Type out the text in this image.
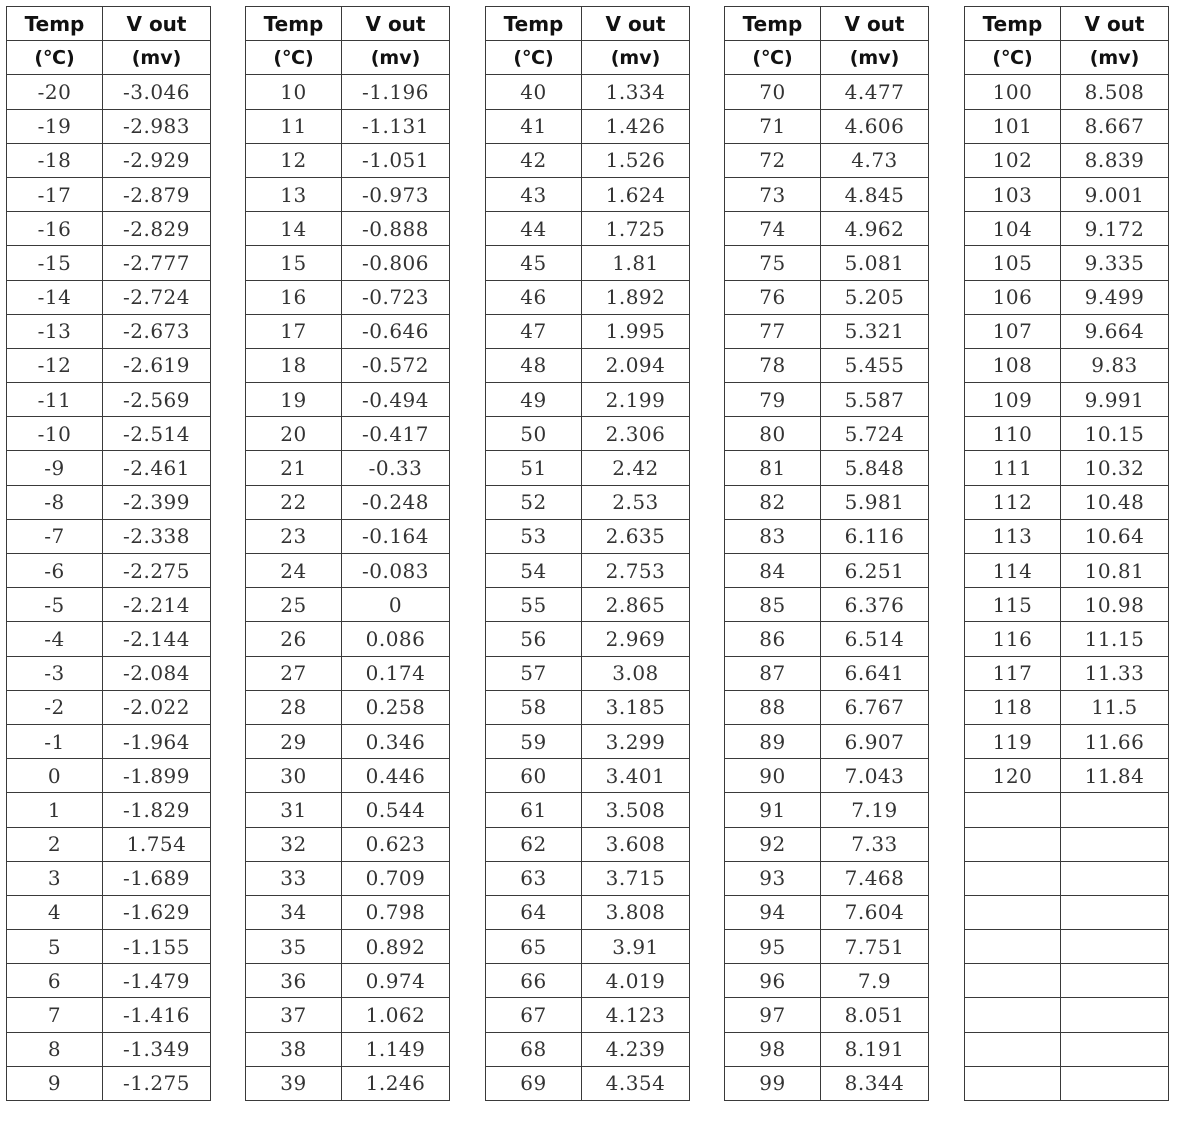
Temp	V out
(℃)	(mv)
-20	-3.046
-19	-2.983
-18	-2.929
-17	-2.879
-16	-2.829
-15	-2.777
-14	-2.724
-13	-2.673
-12	-2.619
-11	-2.569
-10	-2.514
-9	-2.461
-8	-2.399
-7	-2.338
-6	-2.275
-5	-2.214
-4	-2.144
-3	-2.084
-2	-2.022
-1	-1.964
0	-1.899
1	-1.829
2	1.754
3	-1.689
4	-1.629
5	-1.155
6	-1.479
7	-1.416
8	-1.349
9	-1.275
Temp	V out
(℃)	(mv)
10	-1.196
11	-1.131
12	-1.051
13	-0.973
14	-0.888
15	-0.806
16	-0.723
17	-0.646
18	-0.572
19	-0.494
20	-0.417
21	-0.33
22	-0.248
23	-0.164
24	-0.083
25	0
26	0.086
27	0.174
28	0.258
29	0.346
30	0.446
31	0.544
32	0.623
33	0.709
34	0.798
35	0.892
36	0.974
37	1.062
38	1.149
39	1.246
Temp	V out
(℃)	(mv)
40	1.334
41	1.426
42	1.526
43	1.624
44	1.725
45	1.81
46	1.892
47	1.995
48	2.094
49	2.199
50	2.306
51	2.42
52	2.53
53	2.635
54	2.753
55	2.865
56	2.969
57	3.08
58	3.185
59	3.299
60	3.401
61	3.508
62	3.608
63	3.715
64	3.808
65	3.91
66	4.019
67	4.123
68	4.239
69	4.354
Temp	V out
(℃)	(mv)
70	4.477
71	4.606
72	4.73
73	4.845
74	4.962
75	5.081
76	5.205
77	5.321
78	5.455
79	5.587
80	5.724
81	5.848
82	5.981
83	6.116
84	6.251
85	6.376
86	6.514
87	6.641
88	6.767
89	6.907
90	7.043
91	7.19
92	7.33
93	7.468
94	7.604
95	7.751
96	7.9
97	8.051
98	8.191
99	8.344
Temp	V out
(℃)	(mv)
100	8.508
101	8.667
102	8.839
103	9.001
104	9.172
105	9.335
106	9.499
107	9.664
108	9.83
109	9.991
110	10.15
111	10.32
112	10.48
113	10.64
114	10.81
115	10.98
116	11.15
117	11.33
118	11.5
119	11.66
120	11.84
